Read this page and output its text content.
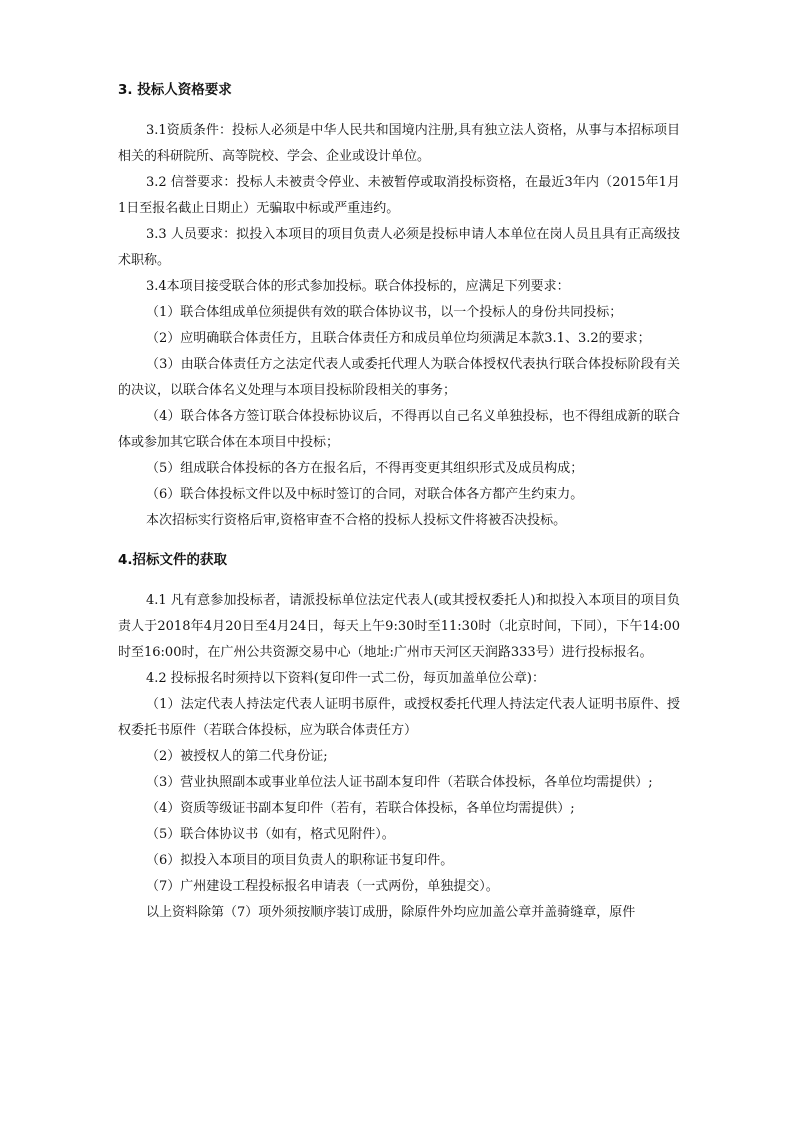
3. 投标人资格要求

3.1资质条件：投标人必须是中华人民共和国境内注册,具有独立法人资格，从事与本招标项目相关的科研院所、高等院校、学会、企业或设计单位。

3.2 信誉要求：投标人未被责令停业、未被暂停或取消投标资格，在最近3年内（2015年1月1日至报名截止日期止）无骗取中标或严重违约。

3.3 人员要求：拟投入本项目的项目负责人必须是投标申请人本单位在岗人员且具有正高级技术职称。

3.4本项目接受联合体的形式参加投标。联合体投标的，应满足下列要求：

（1）联合体组成单位须提供有效的联合体协议书，以一个投标人的身份共同投标；

（2）应明确联合体责任方，且联合体责任方和成员单位均须满足本款3.1、3.2的要求；

（3）由联合体责任方之法定代表人或委托代理人为联合体授权代表执行联合体投标阶段有关的决议，以联合体名义处理与本项目投标阶段相关的事务；

（4）联合体各方签订联合体投标协议后，不得再以自己名义单独投标，也不得组成新的联合体或参加其它联合体在本项目中投标；

（5）组成联合体投标的各方在报名后，不得再变更其组织形式及成员构成；

（6）联合体投标文件以及中标时签订的合同，对联合体各方都产生约束力。

本次招标实行资格后审,资格审查不合格的投标人投标文件将被否决投标。

4.招标文件的获取

4.1 凡有意参加投标者，请派投标单位法定代表人(或其授权委托人)和拟投入本项目的项目负责人于2018年4月20日至4月24日，每天上午9:30时至11:30时（北京时间，下同），下午14:00时至16:00时，在广州公共资源交易中心（地址:广州市天河区天润路333号）进行投标报名。

4.2 投标报名时须持以下资料(复印件一式二份，每页加盖单位公章)：

（1）法定代表人持法定代表人证明书原件，或授权委托代理人持法定代表人证明书原件、授权委托书原件（若联合体投标，应为联合体责任方）

（2）被授权人的第二代身份证;

（3）营业执照副本或事业单位法人证书副本复印件（若联合体投标，各单位均需提供）;

（4）资质等级证书副本复印件（若有，若联合体投标，各单位均需提供）;

（5）联合体协议书（如有，格式见附件）。

（6）拟投入本项目的项目负责人的职称证书复印件。

（7）广州建设工程投标报名申请表（一式两份，单独提交）。

以上资料除第（7）项外须按顺序装订成册，除原件外均应加盖公章并盖骑缝章，原件
